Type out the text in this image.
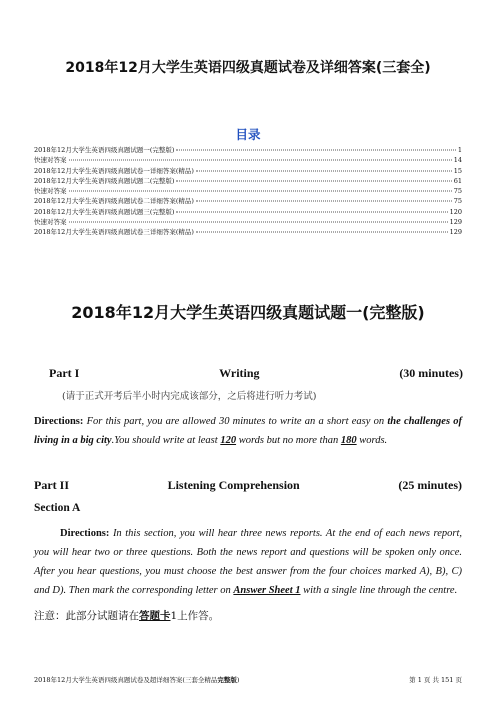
2018年12月大学生英语四级真题试卷及详细答案(三套全)
目录
2018年12月大学生英语四级真题试题一(完整版)	1
快速对答案	14
2018年12月大学生英语四级真题试卷一详细答案(精品)	15
2018年12月大学生英语四级真题试题二(完整版)	61
快速对答案	75
2018年12月大学生英语四级真题试卷二详细答案(精品)	75
2018年12月大学生英语四级真题试题三(完整版)	120
快速对答案	129
2018年12月大学生英语四级真题试卷三详细答案(精品)	129
2018年12月大学生英语四级真题试题一(完整版)
Part I	Writing	(30 minutes)
(请于正式开考后半小时内完成该部分，之后将进行听力考试)
Directions: For this part, you are allowed 30 minutes to write an a short easy on the challenges of living in a big city.You should write at least 120 words but no more than 180 words.
Part II	Listening Comprehension	(25 minutes)
Section A
Directions: In this section, you will hear three news reports. At the end of each news report, you will hear two or three questions. Both the news report and questions will be spoken only once. After you hear questions, you must choose the best answer from the four choices marked A), B), C) and D). Then mark the corresponding letter on Answer Sheet 1 with a single line through the centre.
注意：此部分试题请在答题卡1上作答。
2018年12月大学生英语四级真题试卷及超详细答案(三套全精品完整版)	第 1 页 共 151 页
